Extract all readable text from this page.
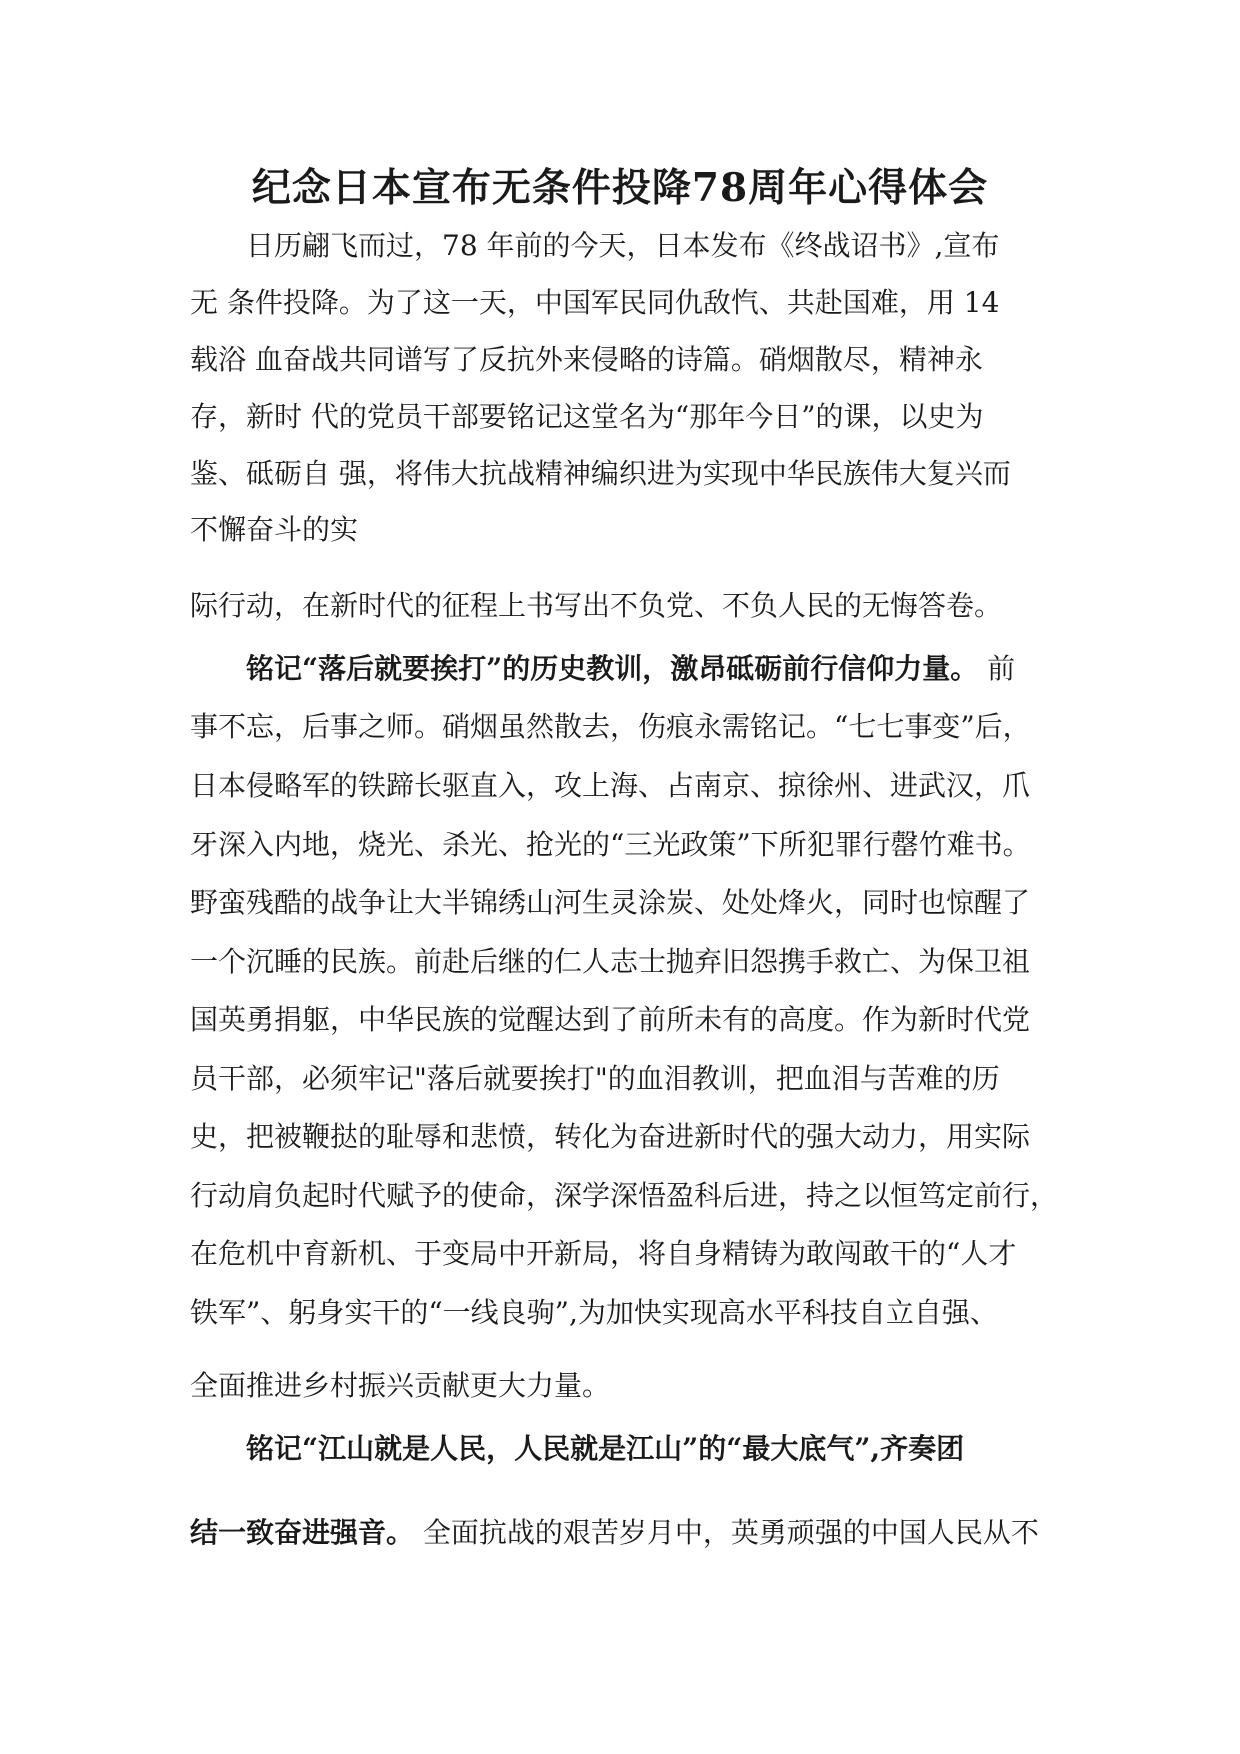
纪念日本宣布无条件投降78周年心得体会
日历翩飞而过，78 年前的今天，日本发布《终战诏书》,宣布
无 条件投降。为了这一天，中国军民同仇敌忾、共赴国难，用 14
载浴 血奋战共同谱写了反抗外来侵略的诗篇。硝烟散尽，精神永
存，新时 代的党员干部要铭记这堂名为“那年今日”的课，以史为
鉴、砥砺自 强，将伟大抗战精神编织进为实现中华民族伟大复兴而
不懈奋斗的实
际行动，在新时代的征程上书写出不负党、不负人民的无悔答卷。
铭记“落后就要挨打”的历史教训，激昂砥砺前行信仰力量。 前
事不忘，后事之师。硝烟虽然散去，伤痕永需铭记。“七七事变”后，
日本侵略军的铁蹄长驱直入，攻上海、占南京、掠徐州、进武汉，爪
牙深入内地，烧光、杀光、抢光的“三光政策”下所犯罪行罄竹难书。
野蛮残酷的战争让大半锦绣山河生灵涂炭、处处烽火，同时也惊醒了
一个沉睡的民族。前赴后继的仁人志士抛弃旧怨携手救亡、为保卫祖
国英勇捐躯，中华民族的觉醒达到了前所未有的高度。作为新时代党
员干部，必须牢记"落后就要挨打"的血泪教训，把血泪与苦难的历
史，把被鞭挞的耻辱和悲愤，转化为奋进新时代的强大动力，用实际
行动肩负起时代赋予的使命，深学深悟盈科后进，持之以恒笃定前行，
在危机中育新机、于变局中开新局，将自身精铸为敢闯敢干的“人才
铁军”、躬身实干的“一线良驹”,为加快实现高水平科技自立自强、
全面推进乡村振兴贡献更大力量。
铭记“江山就是人民，人民就是江山”的“最大底气”,齐奏团
结一致奋进强音。 全面抗战的艰苦岁月中，英勇顽强的中国人民从不
